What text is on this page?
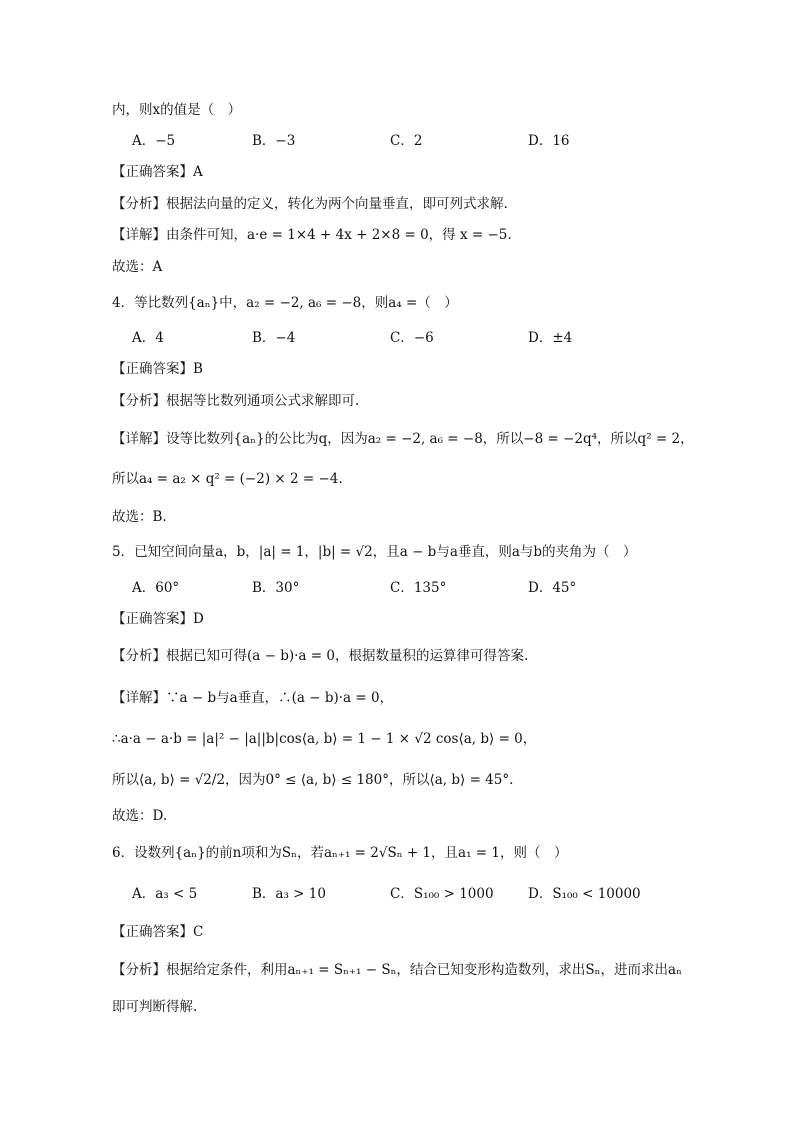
内，则x的值是（　）
A．−5	B．−3	C．2	D．16
【正确答案】A
【分析】根据法向量的定义，转化为两个向量垂直，即可列式求解.
【详解】由条件可知，a·e = 1×4 + 4x + 2×8 = 0，得 x = −5.
故选：A
4．等比数列{aₙ}中，a₂ = −2, a₆ = −8，则a₄ =（　）
A．4	B．−4	C．−6	D．±4
【正确答案】B
【分析】根据等比数列通项公式求解即可.
【详解】设等比数列{aₙ}的公比为q，因为a₂ = −2, a₆ = −8，所以−8 = −2q⁴，所以q² = 2，
所以a₄ = a₂ × q² = (−2) × 2 = −4.
故选：B.
5．已知空间向量a，b，|a| = 1，|b| = √2，且a − b与a垂直，则a与b的夹角为（　）
A．60°	B．30°	C．135°	D．45°
【正确答案】D
【分析】根据已知可得(a − b)·a = 0，根据数量积的运算律可得答案.
【详解】∵a − b与a垂直，∴(a − b)·a = 0，
∴a·a − a·b = |a|² − |a||b|cos⟨a, b⟩ = 1 − 1 × √2 cos⟨a, b⟩ = 0，
所以⟨a, b⟩ = √2/2，因为0° ≤ ⟨a, b⟩ ≤ 180°，所以⟨a, b⟩ = 45°.
故选：D.
6．设数列{aₙ}的前n项和为Sₙ，若aₙ₊₁ = 2√Sₙ + 1，且a₁ = 1，则（　）
A．a₃ < 5	B．a₃ > 10	C．S₁₀₀ > 1000	D．S₁₀₀ < 10000
【正确答案】C
【分析】根据给定条件，利用aₙ₊₁ = Sₙ₊₁ − Sₙ，结合已知变形构造数列，求出Sₙ，进而求出aₙ
即可判断得解.
